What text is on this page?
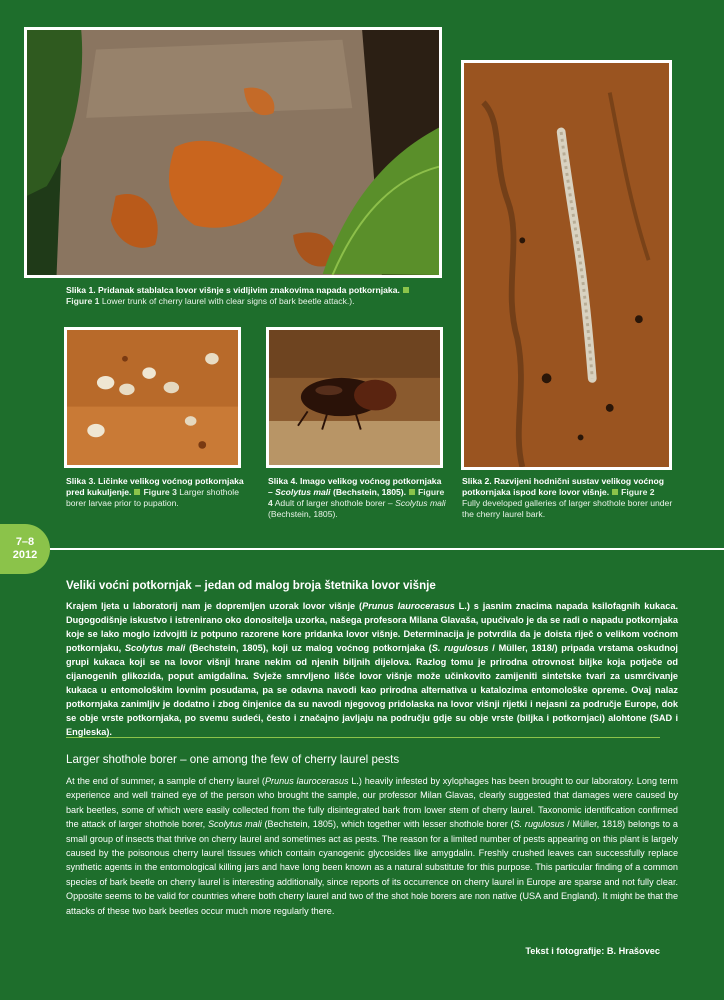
Slika 1. Pridanak stablalca lovor višnje s vidljivim znakovima napada potkornjaka.
Figure 1 Lower trunk of cherry laurel with clear signs of bark beetle attack.).
Slika 3. Ličinke velikog voćnog potkornjaka pred kukuljenje. Figure 3 Larger shothole borer larvae prior to pupation.
Slika 4. Imago velikog voćnog potkornjaka – Scolytus mali (Bechstein, 1805). Figure 4 Adult of larger shothole borer – Scolytus mali (Bechstein, 1805).
Slika 2. Razvijeni hodnični sustav velikog voćnog potkornjaka ispod kore lovor višnje. Figure 2 Fully developed galleries of larger shothole borer under the cherry laurel bark.
7–8
2012
Veliki voćni potkornjak – jedan od malog broja štetnika lovor višnje
Krajem ljeta u laboratorij nam je dopremljen uzorak lovor višnje (Prunus laurocerasus L.) s jasnim znacima napada ksilofagnih kukaca. Dugogodišnje iskustvo i istrenirano oko donositelja uzorka, našega profesora Milana Glavaša, upućivalo je da se radi o napadu potkornjaka koje se lako moglo izdvojiti iz potpuno razorene kore pridanka lovor višnje. Determinacija je potvrdila da je doista riječ o velikom voćnom potkornjaku, Scolytus mali (Bechstein, 1805), koji uz malog voćnog potkornjaka (S. rugulosus / Müller, 1818/) pripada vrstama oskudnoj grupi kukaca koji se na lovor višnji hrane nekim od njenih biljnih dijelova. Razlog tomu je prirodna otrovnost biljke koja potječe od cijanogenih glikozida, poput amigdalina. Svježe smrvljeno lišće lovor višnje može učinkovito zamijeniti sintetske tvari za usmrćivanje kukaca u entomološkim lovnim posudama, pa se odavna navodi kao prirodna alternativa u katalozima entomološke opreme. Ovaj nalaz potkornjaka zanimljiv je dodatno i zbog činjenice da su navodi njegovog pridolaska na lovor višnji rijetki i nejasni za područje Europe, dok se obje vrste potkornjaka, po svemu sudeći, često i značajno javljaju na području gdje su obje vrste (biljka i potkornjaci) alohtone (SAD i Engleska).
Larger shothole borer – one among the few of cherry laurel pests
At the end of summer, a sample of cherry laurel (Prunus laurocerasus L.) heavily infested by xylophages has been brought to our laboratory. Long term experience and well trained eye of the person who brought the sample, our professor Milan Glavas, clearly suggested that damages were caused by bark beetles, some of which were easily collected from the fully disintegrated bark from lower stem of cherry laurel. Taxonomic identification confirmed the attack of larger shothole borer, Scolytus mali (Bechstein, 1805), which together with lesser shothole borer (S. rugulosus / Müller, 1818) belongs to a small group of insects that thrive on cherry laurel and sometimes act as pests. The reason for a limited number of pests appearing on this plant is largely caused by the poisonous cherry laurel tissues which contain cyanogenic glycosides like amygdalin. Freshly crushed leaves can successfully replace synthetic agents in the entomological killing jars and have long been known as a natural substitute for this purpose. This particular finding of a common species of bark beetle on cherry laurel is interesting additionally, since reports of its occurrence on cherry laurel in Europe are sparse and not fully clear. Opposite seems to be valid for countries where both cherry laurel and two of the shot hole borers are non native (USA and England). It might be that the attacks of these two bark beetles occur much more regularly there.
Tekst i fotografije: B. Hrašovec
